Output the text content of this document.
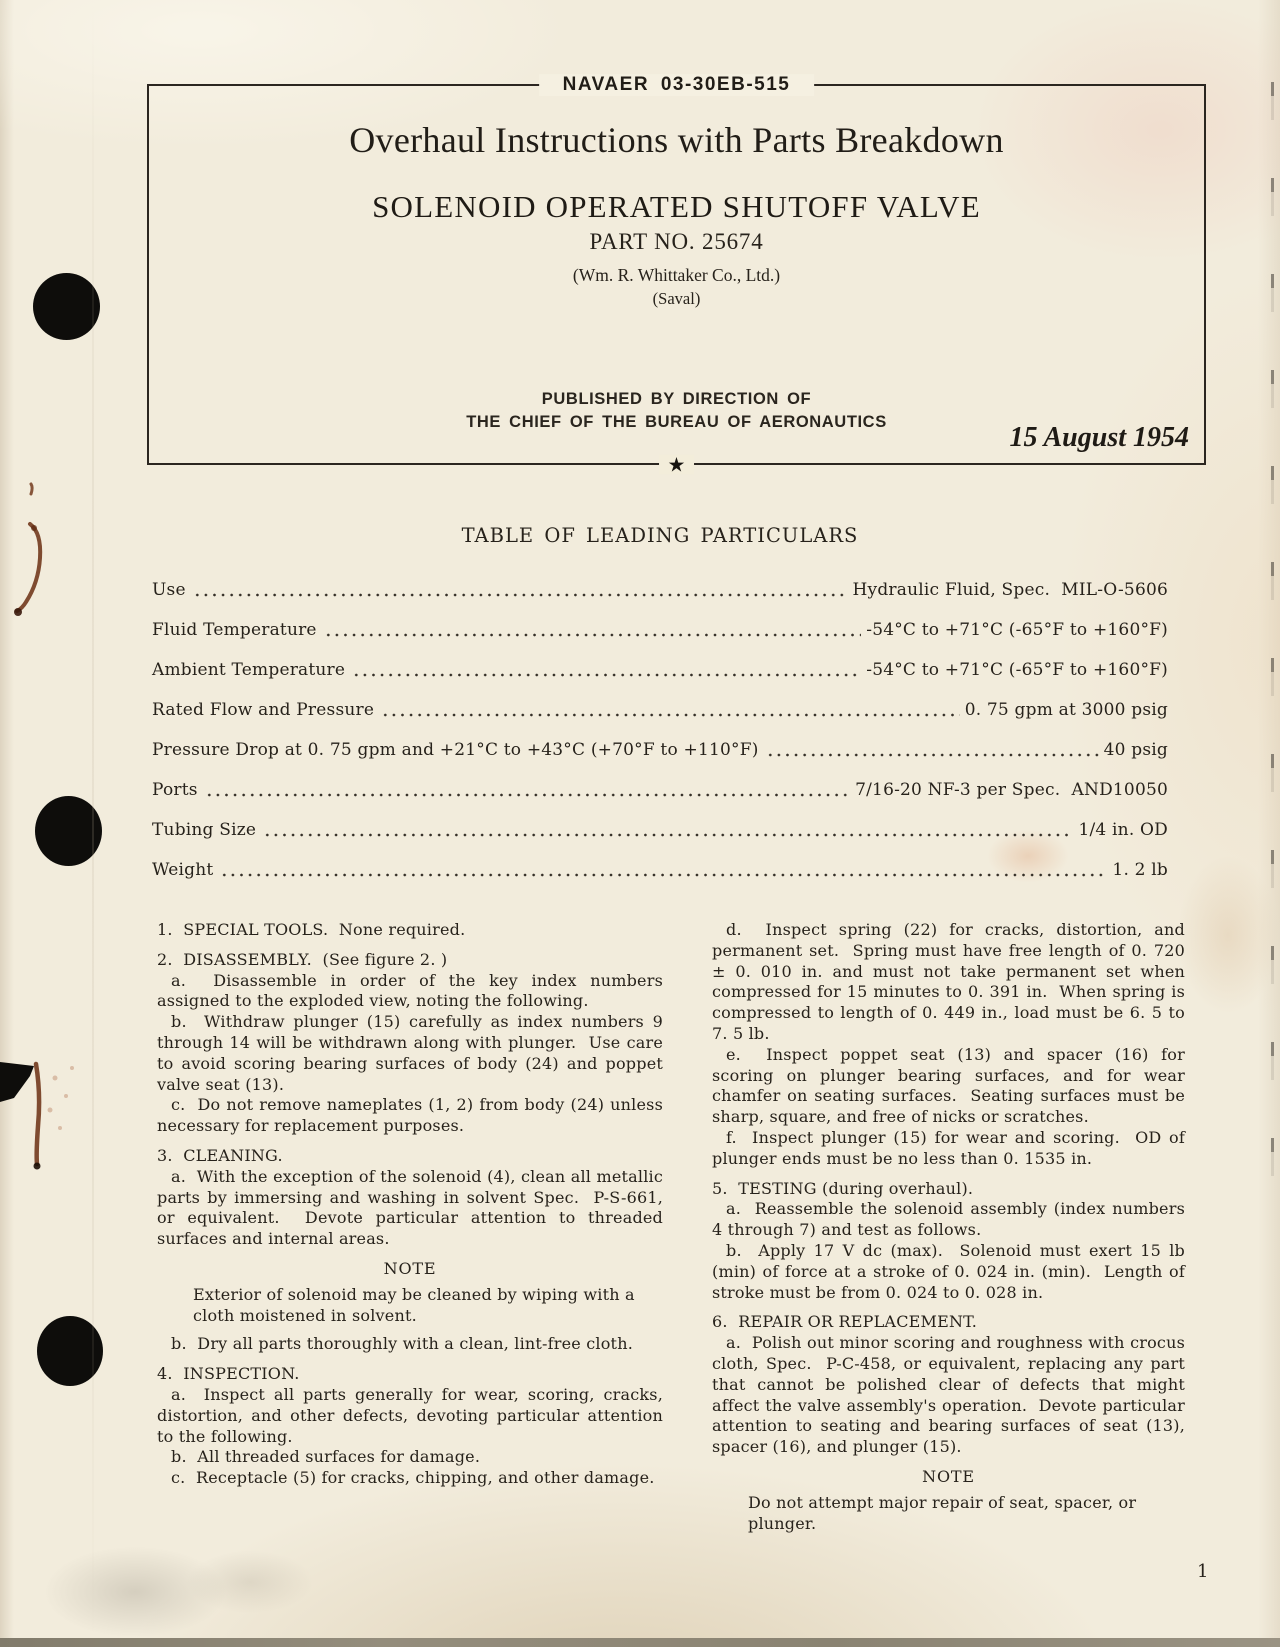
NAVAER 03-30EB-515
Overhaul Instructions with Parts Breakdown
SOLENOID OPERATED SHUTOFF VALVE
PART NO. 25674
(Wm. R. Whittaker Co., Ltd.)
(Saval)
PUBLISHED BY DIRECTION OF
THE CHIEF OF THE BUREAU OF AERONAUTICS	15 August 1954
★
TABLE OF LEADING PARTICULARS
Use	Hydraulic Fluid, Spec.  MIL-O-5606
Fluid Temperature	-54°C to +71°C (-65°F to +160°F)
Ambient Temperature	-54°C to +71°C (-65°F to +160°F)
Rated Flow and Pressure	0. 75 gpm at 3000 psig
Pressure Drop at 0. 75 gpm and +21°C to +43°C (+70°F to +110°F)	40 psig
Ports	7/16-20 NF-3 per Spec.  AND10050
Tubing Size	1/4 in. OD
Weight	1. 2 lb

1.  SPECIAL TOOLS.  None required.

2.  DISASSEMBLY.  (See figure 2. )

a.  Disassemble in order of the key index numbers assigned to the exploded view, noting the following.

b.  Withdraw plunger (15) carefully as index numbers 9 through 14 will be withdrawn along with plunger.  Use care to avoid scoring bearing surfaces of body (24) and poppet valve seat (13).

c.  Do not remove nameplates (1, 2) from body (24) unless necessary for replacement purposes.

3.  CLEANING.

a.  With the exception of the solenoid (4), clean all metallic parts by immersing and washing in solvent Spec.  P-S-661, or equivalent.  Devote particular attention to threaded surfaces and internal areas.

NOTE

Exterior of solenoid may be cleaned by wiping with a cloth moistened in solvent.

b.  Dry all parts thoroughly with a clean, lint-free cloth.

4.  INSPECTION.

a.  Inspect all parts generally for wear, scoring, cracks, distortion, and other defects, devoting particular attention to the following.

b.  All threaded surfaces for damage.

c.  Receptacle (5) for cracks, chipping, and other damage.

d.  Inspect spring (22) for cracks, distortion, and permanent set.  Spring must have free length of 0. 720 ± 0. 010 in. and must not take permanent set when compressed for 15 minutes to 0. 391 in.  When spring is compressed to length of 0. 449 in., load must be 6. 5 to 7. 5 lb.

e.  Inspect poppet seat (13) and spacer (16) for scoring on plunger bearing surfaces, and for wear chamfer on seating surfaces.  Seating surfaces must be sharp, square, and free of nicks or scratches.

f.  Inspect plunger (15) for wear and scoring.  OD of plunger ends must be no less than 0. 1535 in.

5.  TESTING (during overhaul).

a.  Reassemble the solenoid assembly (index numbers 4 through 7) and test as follows.

b.  Apply 17 V dc (max).  Solenoid must exert 15 lb (min) of force at a stroke of 0. 024 in. (min).  Length of stroke must be from 0. 024 to 0. 028 in.

6.  REPAIR OR REPLACEMENT.

a.  Polish out minor scoring and roughness with crocus cloth, Spec.  P-C-458, or equivalent, replacing any part that cannot be polished clear of defects that might affect the valve assembly's operation.  Devote particular attention to seating and bearing surfaces of seat (13), spacer (16), and plunger (15).

NOTE

Do not attempt major repair of seat, spacer, or plunger.

1
